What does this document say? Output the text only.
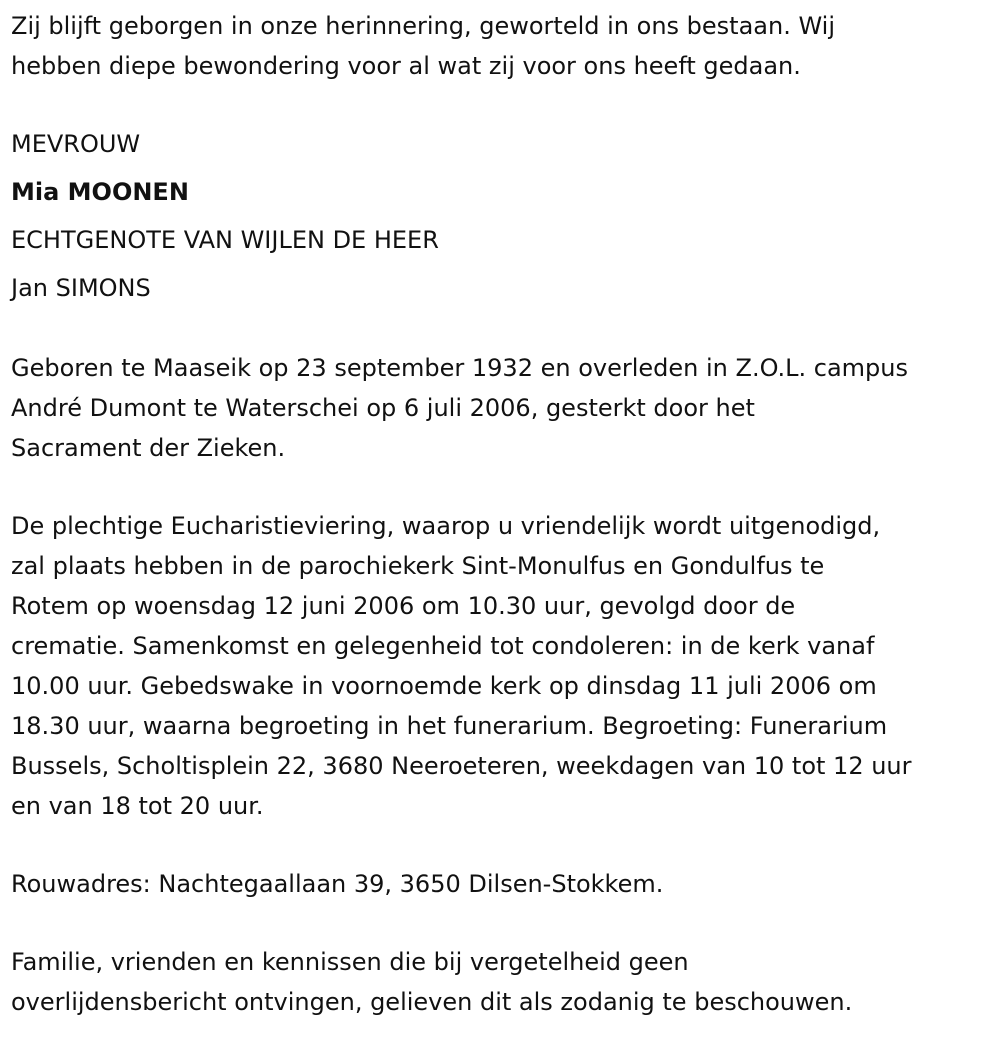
Zij blijft geborgen in onze herinnering, geworteld in ons bestaan. Wij
hebben diepe bewondering voor al wat zij voor ons heeft gedaan.

MEVROUW
Mia MOONEN
ECHTGENOTE VAN WIJLEN DE HEER
Jan SIMONS

Geboren te Maaseik op 23 september 1932 en overleden in Z.O.L. campus
André Dumont te Waterschei op 6 juli 2006, gesterkt door het
Sacrament der Zieken.

De plechtige Eucharistieviering, waarop u vriendelijk wordt uitgenodigd,
zal plaats hebben in de parochiekerk Sint-Monulfus en Gondulfus te
Rotem op woensdag 12 juni 2006 om 10.30 uur, gevolgd door de
crematie. Samenkomst en gelegenheid tot condoleren: in de kerk vanaf
10.00 uur. Gebedswake in voornoemde kerk op dinsdag 11 juli 2006 om
18.30 uur, waarna begroeting in het funerarium. Begroeting: Funerarium
Bussels, Scholtisplein 22, 3680 Neeroeteren, weekdagen van 10 tot 12 uur
en van 18 tot 20 uur.

Rouwadres: Nachtegaallaan 39, 3650 Dilsen-Stokkem.

Familie, vrienden en kennissen die bij vergetelheid geen
overlijdensbericht ontvingen, gelieven dit als zodanig te beschouwen.
